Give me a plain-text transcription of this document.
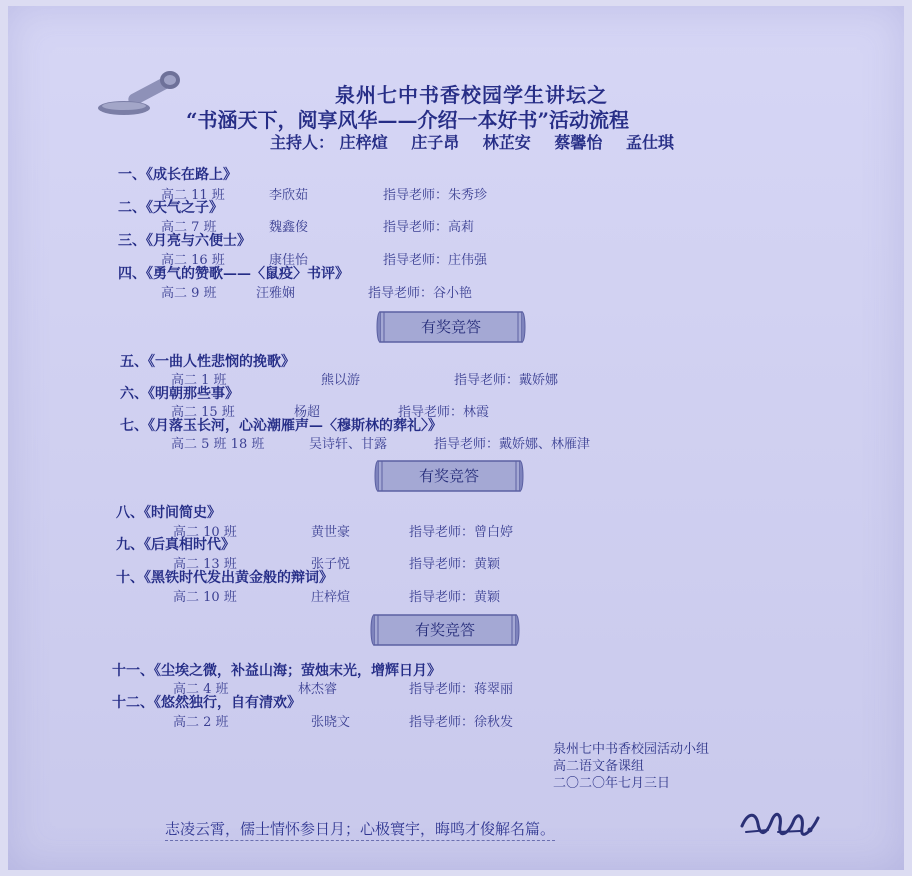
泉州七中书香校园学生讲坛之
“书涵天下，阅享风华——介绍一本好书”活动流程
主持人： 庄梓煊 庄子昂 林芷安 蔡馨怡 孟仕琪
一、《成长在路上》
高二 11 班	李欣茹	指导老师：朱秀珍
二、《天气之子》
高二 7 班	魏鑫俊	指导老师：高莉
三、《月亮与六便士》
高二 16 班	康佳怡	指导老师：庄伟强
四、《勇气的赞歌——〈鼠疫〉书评》
高二 9 班	汪雅娴	指导老师：谷小艳
有奖竞答
五、《一曲人性悲悯的挽歌》
高二 1 班	熊以游	指导老师：戴娇娜
六、《明朝那些事》
高二 15 班	杨超	指导老师：林霞
七、《月落玉长河，心沁潮雁声—〈穆斯林的葬礼〉》
高二 5 班 18 班	吴诗轩、甘露	指导老师：戴娇娜、林雁津
有奖竞答
八、《时间简史》
高二 10 班	黄世豪	指导老师：曾白婷
九、《后真相时代》
高二 13 班	张子悦	指导老师：黄颖
十、《黑铁时代发出黄金般的辩词》
高二 10 班	庄梓煊	指导老师：黄颖
有奖竞答
十一、《尘埃之微，补益山海；萤烛末光，增辉日月》
高二 4 班	林杰睿	指导老师：蒋翠丽
十二、《悠然独行，自有清欢》
高二 2 班	张晓文	指导老师：徐秋发
泉州七中书香校园活动小组
高二语文备课组
二〇二〇年七月三日
志凌云霄，儒士情怀参日月；心极寰宇，晦鸣才俊解名篇。
